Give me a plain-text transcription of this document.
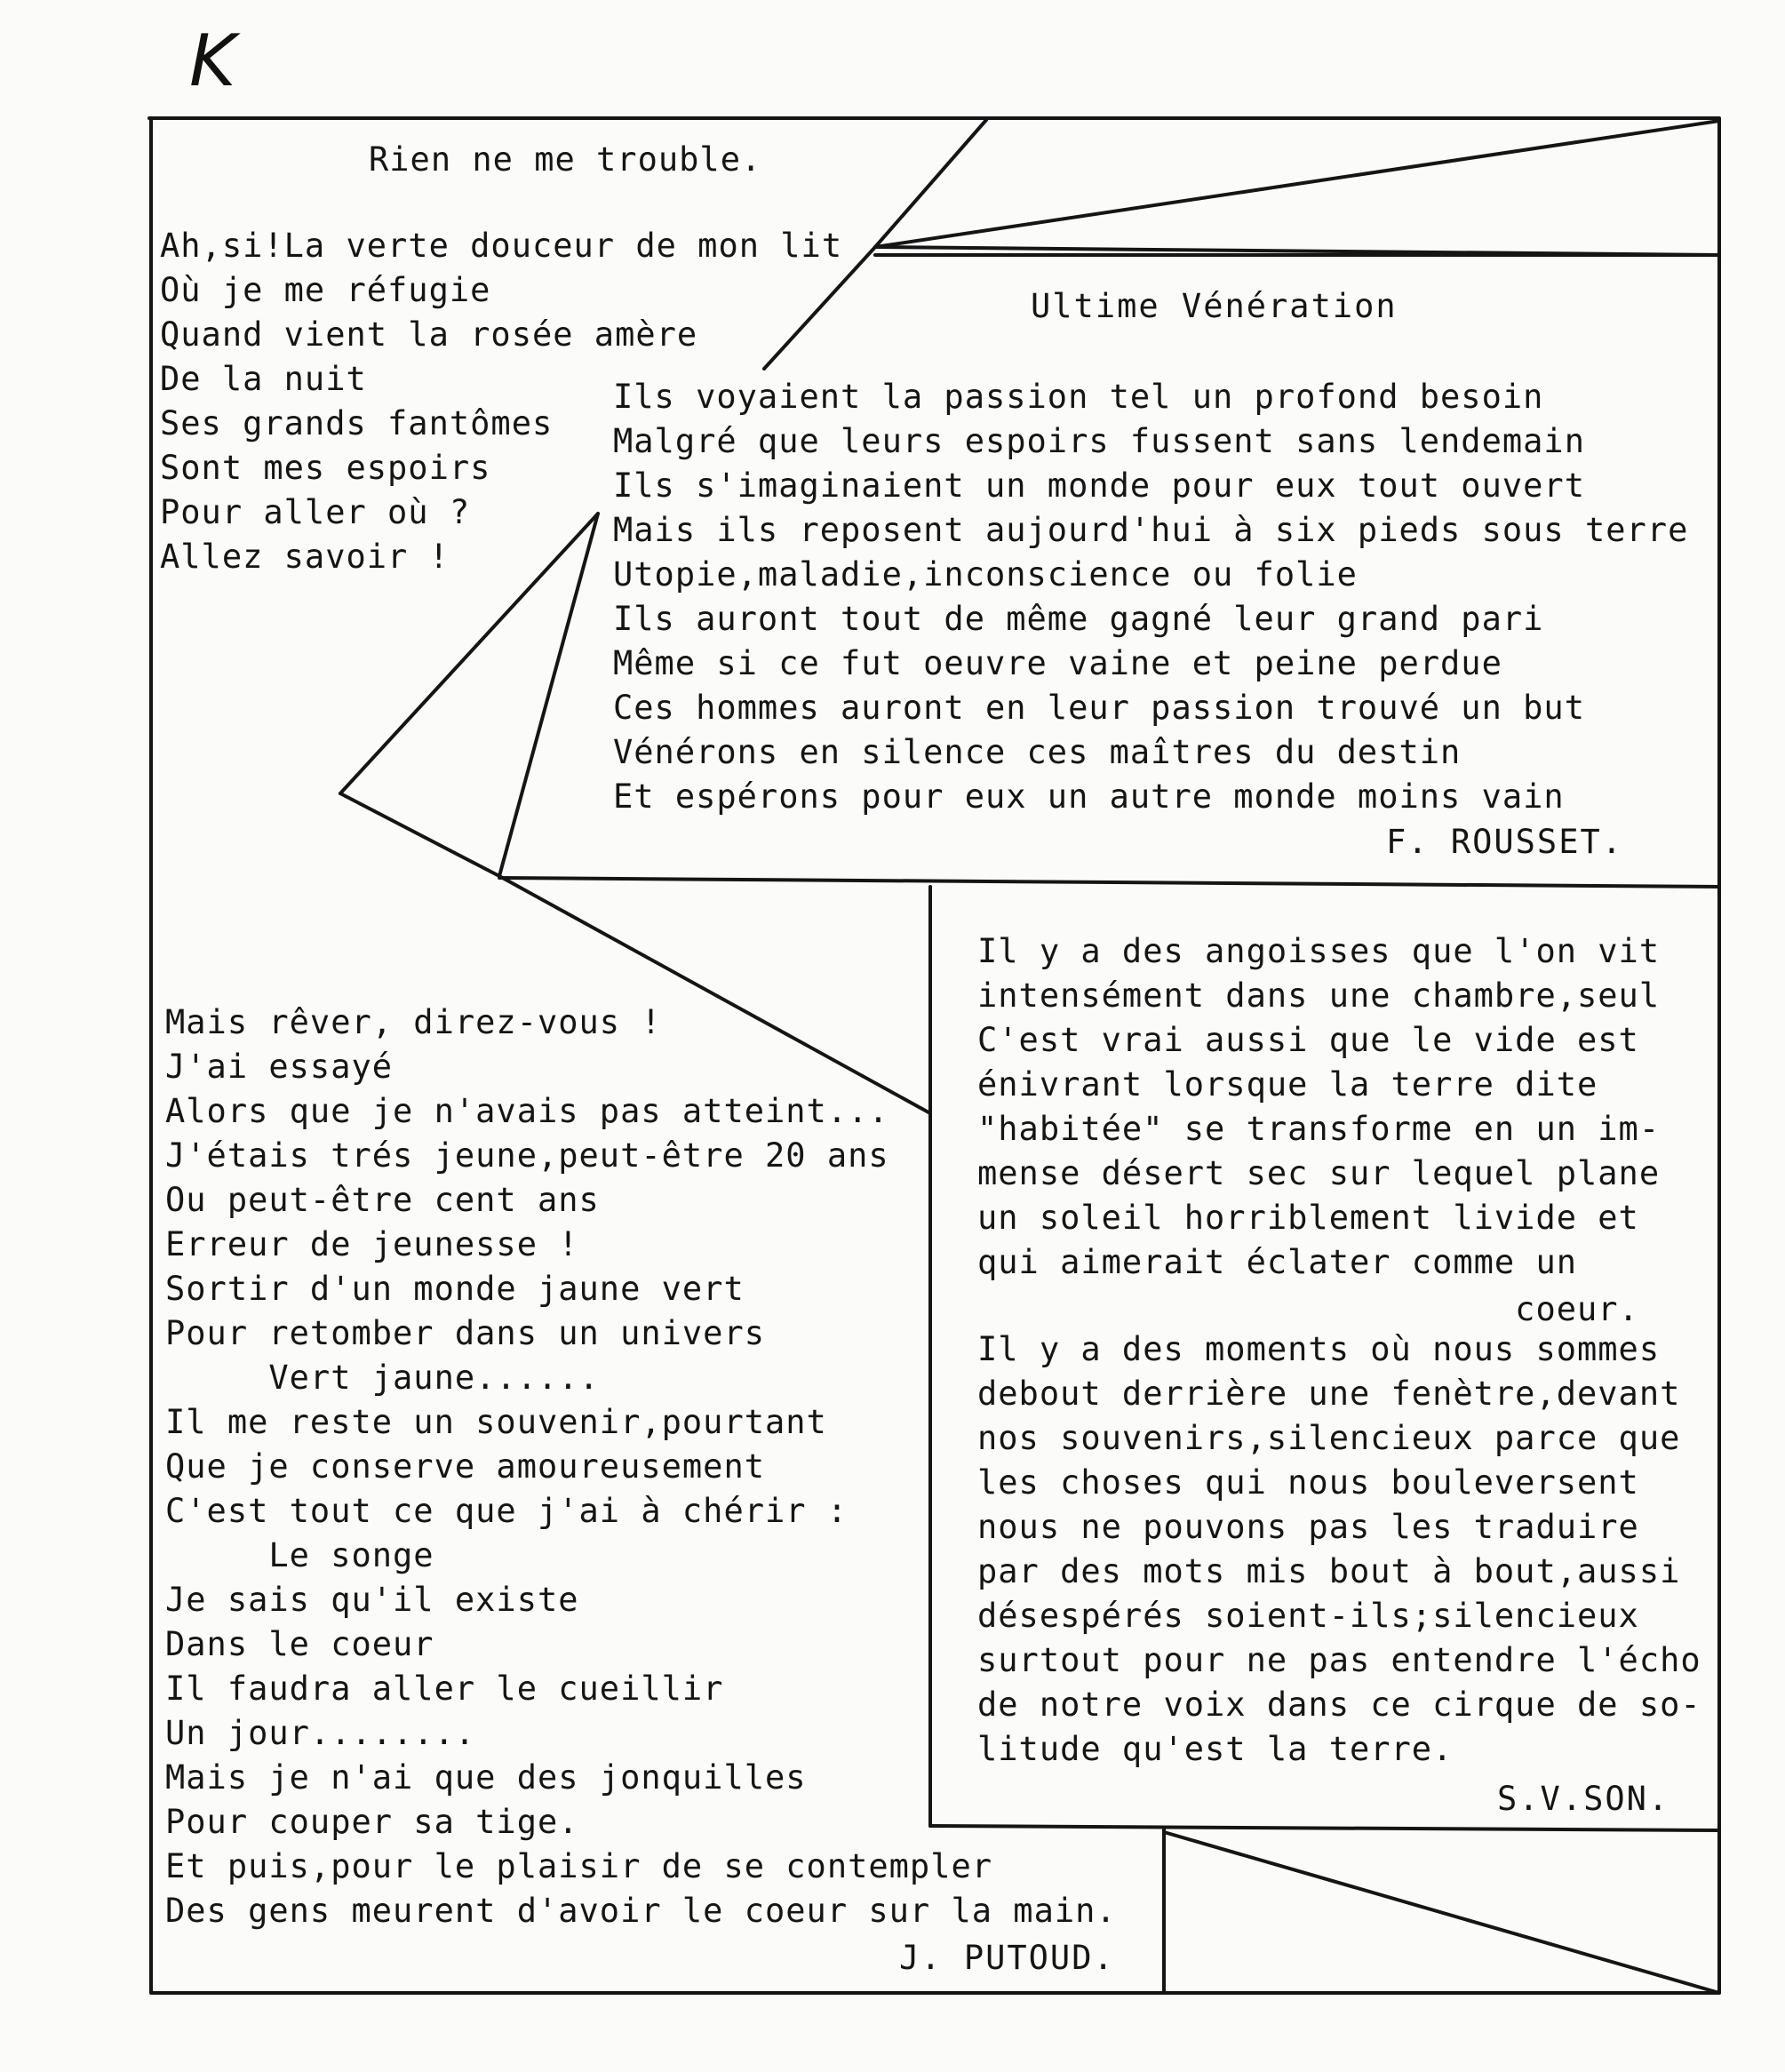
K
Rien ne me trouble.
Ah,si!La verte douceur de mon lit
Où je me réfugie
Quand vient la rosée amère
De la nuit
Ses grands fantômes
Sont mes espoirs
Pour aller où ?
Allez savoir !
Ultime Vénération
Ils voyaient la passion tel un profond besoin
Malgré que leurs espoirs fussent sans lendemain
Ils s'imaginaient un monde pour eux tout ouvert
Mais ils reposent aujourd'hui à six pieds sous terre
Utopie,maladie,inconscience ou folie
Ils auront tout de même gagné leur grand pari
Même si ce fut oeuvre vaine et peine perdue
Ces hommes auront en leur passion trouvé un but
Vénérons en silence ces maîtres du destin
Et espérons pour eux un autre monde moins vain
F. ROUSSET.
Mais rêver, direz-vous !
J'ai essayé
Alors que je n'avais pas atteint...
J'étais trés jeune,peut-être 20 ans
Ou peut-être cent ans
Erreur de jeunesse !
Sortir d'un monde jaune vert
Pour retomber dans un univers
Vert jaune......
Il me reste un souvenir,pourtant
Que je conserve amoureusement
C'est tout ce que j'ai à chérir :
Le songe
Je sais qu'il existe
Dans le coeur
Il faudra aller le cueillir
Un jour........
Mais je n'ai que des jonquilles
Pour couper sa tige.
Et puis,pour le plaisir de se contempler
Des gens meurent d'avoir le coeur sur la main.
J. PUTOUD.
Il y a des angoisses que l'on vit
intensément dans une chambre,seul
C'est vrai aussi que le vide est
énivrant lorsque la terre dite
"habitée" se transforme en un im-
mense désert sec sur lequel plane
un soleil horriblement livide et
qui aimerait éclater comme un
coeur.
Il y a des moments où nous sommes
debout derrière une fenètre,devant
nos souvenirs,silencieux parce que
les choses qui nous bouleversent
nous ne pouvons pas les traduire
par des mots mis bout à bout,aussi
désespérés soient-ils;silencieux
surtout pour ne pas entendre l'écho
de notre voix dans ce cirque de so-
litude qu'est la terre.
S.V.SON.
